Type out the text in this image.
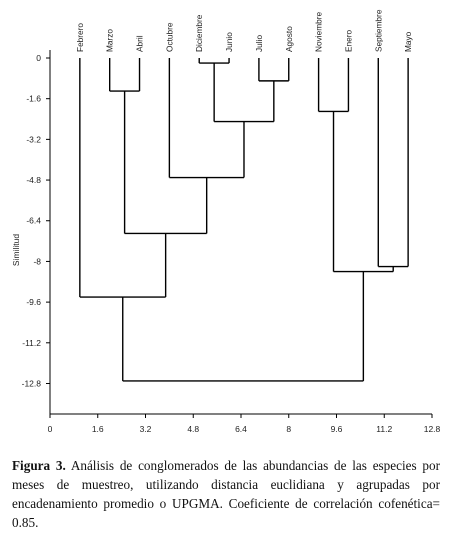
0
-1.6
-3.2
-4.8
-6.4
-8
-9.6
-11.2
-12.8
0	1.6	3.2	4.8	6.4	8	9.6	11.2	12.8
Febrero Marzo Abril Octubre Diciembre Junio Julio Agosto Noviembre Enero Septiembre Mayo
Similitud
Figura 3. Análisis de conglomerados de las abundancias de las especies por meses de muestreo, utilizando distancia euclidiana y agrupadas por encadenamiento promedio o UPGMA. Coeficiente de correlación cofenética= 0.85.
